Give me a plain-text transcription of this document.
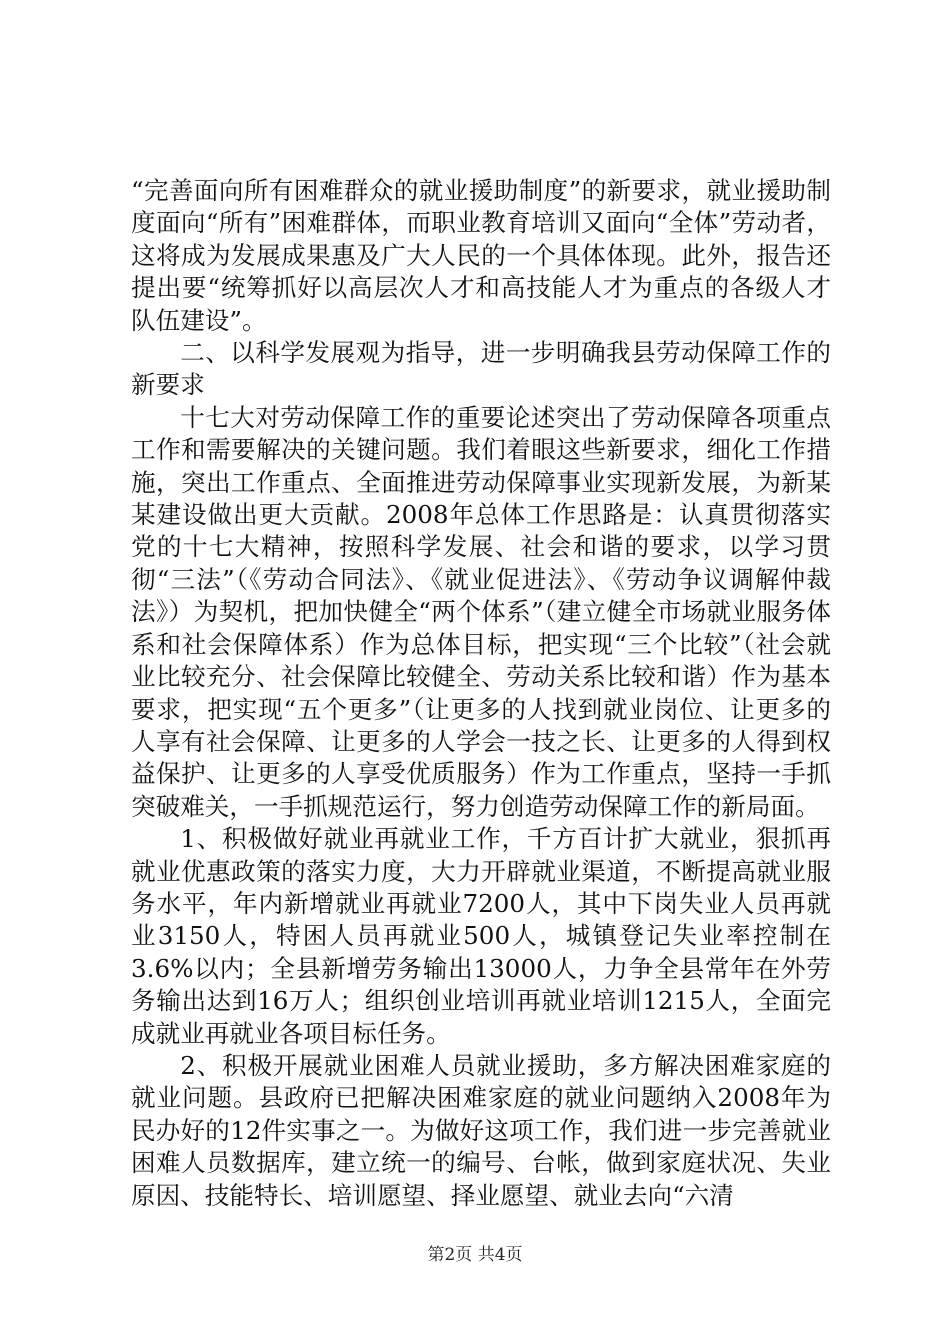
“完善面向所有困难群众的就业援助制度”的新要求，就业援助制度面向“所有”困难群体，而职业教育培训又面向“全体”劳动者，这将成为发展成果惠及广大人民的一个具体体现。此外，报告还提出要“统筹抓好以高层次人才和高技能人才为重点的各级人才队伍建设”。

二、以科学发展观为指导，进一步明确我县劳动保障工作的新要求

十七大对劳动保障工作的重要论述突出了劳动保障各项重点工作和需要解决的关键问题。我们着眼这些新要求，细化工作措施，突出工作重点、全面推进劳动保障事业实现新发展，为新某某建设做出更大贡献。2008年总体工作思路是：认真贯彻落实党的十七大精神，按照科学发展、社会和谐的要求，以学习贯彻“三法”（《劳动合同法》、《就业促进法》、《劳动争议调解仲裁法》）为契机，把加快健全“两个体系”（建立健全市场就业服务体系和社会保障体系）作为总体目标，把实现“三个比较”（社会就业比较充分、社会保障比较健全、劳动关系比较和谐）作为基本要求，把实现“五个更多”（让更多的人找到就业岗位、让更多的人享有社会保障、让更多的人学会一技之长、让更多的人得到权益保护、让更多的人享受优质服务）作为工作重点，坚持一手抓突破难关，一手抓规范运行，努力创造劳动保障工作的新局面。

1、积极做好就业再就业工作，千方百计扩大就业，狠抓再就业优惠政策的落实力度，大力开辟就业渠道，不断提高就业服务水平，年内新增就业再就业7200人，其中下岗失业人员再就业3150人，特困人员再就业500人，城镇登记失业率控制在3.6%以内；全县新增劳务输出13000人，力争全县常年在外劳务输出达到16万人；组织创业培训再就业培训1215人，全面完成就业再就业各项目标任务。

2、积极开展就业困难人员就业援助，多方解决困难家庭的就业问题。县政府已把解决困难家庭的就业问题纳入2008年为民办好的12件实事之一。为做好这项工作，我们进一步完善就业困难人员数据库，建立统一的编号、台帐，做到家庭状况、失业原因、技能特长、培训愿望、择业愿望、就业去向“六清

第2页 共4页
